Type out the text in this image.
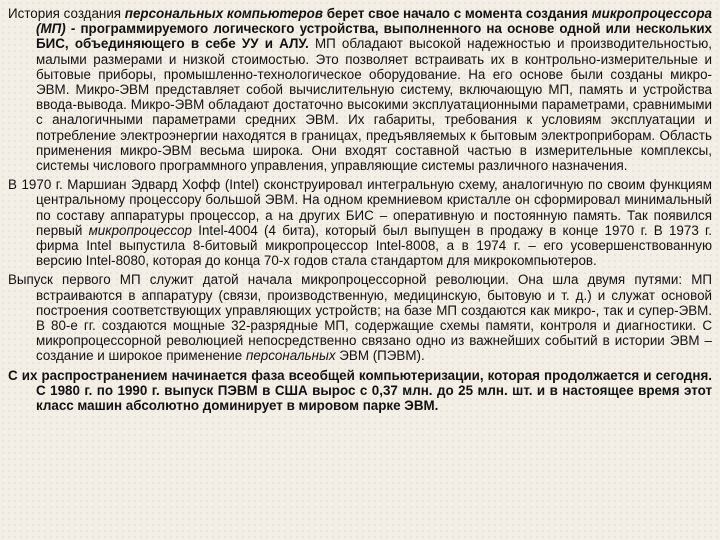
История создания персональных компьютеров берет свое начало с момента создания микропроцессора (МП) - программируемого логического устройства, выполненного на основе одной или нескольких БИС, объединяющего в себе УУ и АЛУ. МП обладают высокой надежностью и производительностью, малыми размерами и низкой стоимостью. Это позволяет встраивать их в контрольно-измерительные и бытовые приборы, промышленно-технологическое оборудование. На его основе были созданы микро-ЭВМ. Микро-ЭВМ представляет собой вычислительную систему, включающую МП, память и устройства ввода-вывода. Микро-ЭВМ обладают достаточно высокими эксплуатационными параметрами, сравнимыми с аналогичными параметрами средних ЭВМ. Их габариты, требования к условиям эксплуатации и потребление электроэнергии находятся в границах, предъявляемых к бытовым электроприборам. Область применения микро-ЭВМ весьма широка. Они входят составной частью в измерительные комплексы, системы числового программного управления, управляющие системы различного назначения.

В 1970 г. Маршиан Эдвард Хофф (Intel) сконструировал интегральную схему, аналогичную по своим функциям центральному процессору большой ЭВМ. На одном кремниевом кристалле он сформировал минимальный по составу аппаратуры процессор, а на других БИС – оперативную и постоянную память. Так появился первый микропроцессор Intel-4004 (4 бита), который был выпущен в продажу в конце 1970 г. В 1973 г. фирма Intel выпустила 8-битовый микропроцессор Intel-8008, а в 1974 г. – его усовершенствованную версию Intel-8080, которая до конца 70-х годов стала стандартом для микрокомпьютеров.

Выпуск первого МП служит датой начала микропроцессорной революции. Она шла двумя путями: МП встраиваются в аппаратуру (связи, производственную, медицинскую, бытовую и т. д.) и служат основой построения соответствующих управляющих устройств; на базе МП создаются как микро-, так и супер-ЭВМ. В 80-е гг. создаются мощные 32-разрядные МП, содержащие схемы памяти, контроля и диагностики. С микропроцессорной революцией непосредственно связано одно из важнейших событий в истории ЭВМ – создание и широкое применение персональных ЭВМ (ПЭВМ).

С их распространением начинается фаза всеобщей компьютеризации, которая продолжается и сегодня. С 1980 г. по 1990 г. выпуск ПЭВМ в США вырос с 0,37 млн. до 25 млн. шт. и в настоящее время этот класс машин абсолютно доминирует в мировом парке ЭВМ.
